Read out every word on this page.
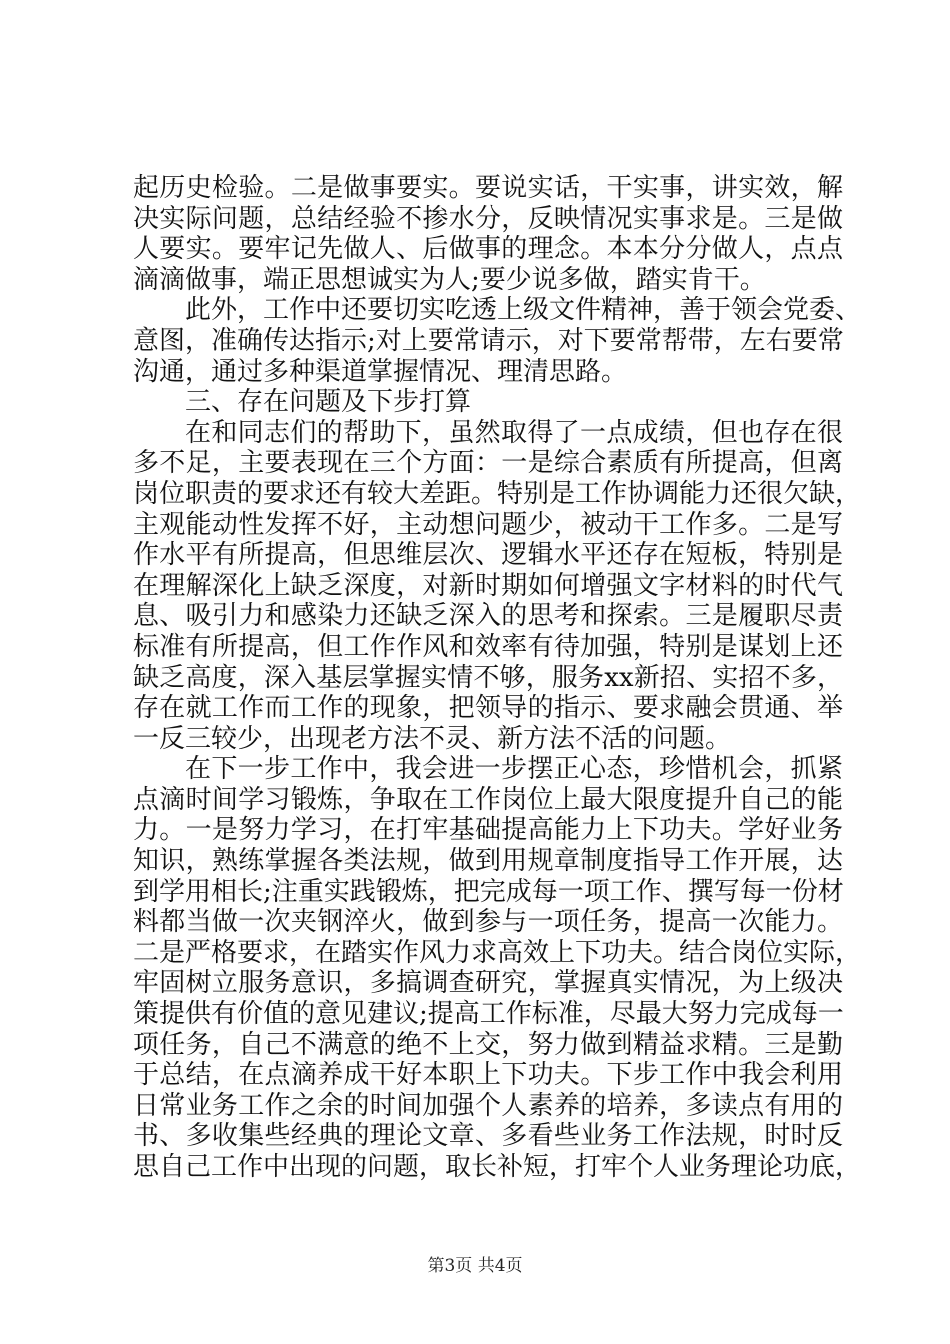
起历史检验。二是做事要实。要说实话，干实事，讲实效，解
决实际问题，总结经验不掺水分，反映情况实事求是。三是做
人要实。要牢记先做人、后做事的理念。本本分分做人，点点
滴滴做事，端正思想诚实为人;要少说多做，踏实肯干。
此外，工作中还要切实吃透上级文件精神，善于领会党委、
意图，准确传达指示;对上要常请示，对下要常帮带，左右要常
沟通，通过多种渠道掌握情况、理清思路。
三、存在问题及下步打算
在和同志们的帮助下，虽然取得了一点成绩，但也存在很
多不足，主要表现在三个方面：一是综合素质有所提高，但离
岗位职责的要求还有较大差距。特别是工作协调能力还很欠缺，
主观能动性发挥不好，主动想问题少，被动干工作多。二是写
作水平有所提高，但思维层次、逻辑水平还存在短板，特别是
在理解深化上缺乏深度，对新时期如何增强文字材料的时代气
息、吸引力和感染力还缺乏深入的思考和探索。三是履职尽责
标准有所提高，但工作作风和效率有待加强，特别是谋划上还
缺乏高度，深入基层掌握实情不够，服务xx新招、实招不多，
存在就工作而工作的现象，把领导的指示、要求融会贯通、举
一反三较少，出现老方法不灵、新方法不活的问题。
在下一步工作中，我会进一步摆正心态，珍惜机会，抓紧
点滴时间学习锻炼，争取在工作岗位上最大限度提升自己的能
力。一是努力学习，在打牢基础提高能力上下功夫。学好业务
知识，熟练掌握各类法规，做到用规章制度指导工作开展，达
到学用相长;注重实践锻炼，把完成每一项工作、撰写每一份材
料都当做一次夹钢淬火，做到参与一项任务，提高一次能力。
二是严格要求，在踏实作风力求高效上下功夫。结合岗位实际，
牢固树立服务意识，多搞调查研究，掌握真实情况，为上级决
策提供有价值的意见建议;提高工作标准，尽最大努力完成每一
项任务，自己不满意的绝不上交，努力做到精益求精。三是勤
于总结，在点滴养成干好本职上下功夫。下步工作中我会利用
日常业务工作之余的时间加强个人素养的培养，多读点有用的
书、多收集些经典的理论文章、多看些业务工作法规，时时反
思自己工作中出现的问题，取长补短，打牢个人业务理论功底，
第3页 共4页
